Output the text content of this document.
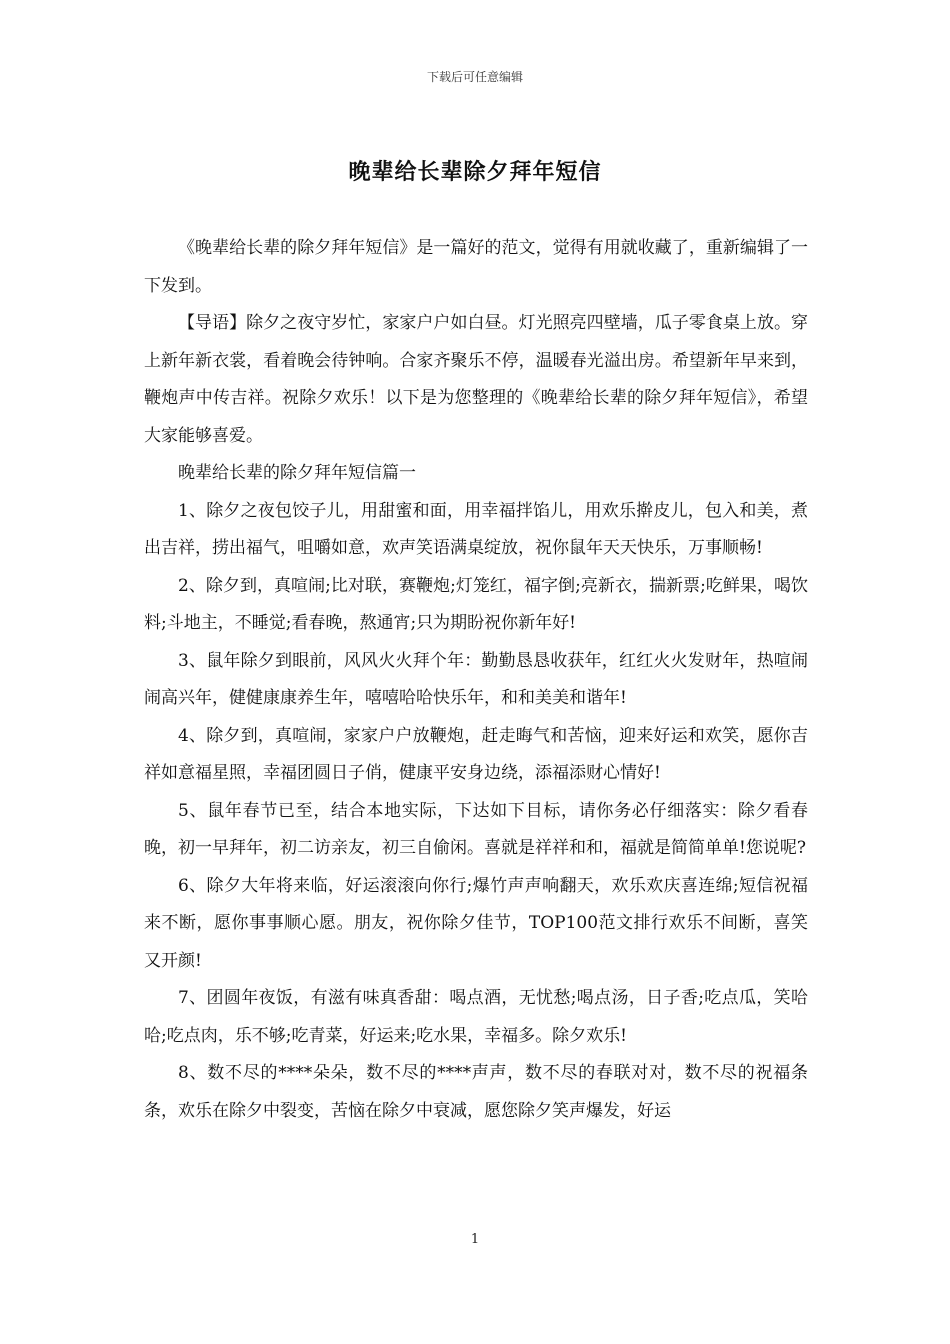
下载后可任意编辑
晚辈给长辈除夕拜年短信

《晚辈给长辈的除夕拜年短信》是一篇好的范文，觉得有用就收藏了，重新编辑了一下发到。

【导语】除夕之夜守岁忙，家家户户如白昼。灯光照亮四壁墙，瓜子零食桌上放。穿上新年新衣裳，看着晚会待钟响。合家齐聚乐不停，温暖春光溢出房。希望新年早来到，鞭炮声中传吉祥。祝除夕欢乐！以下是为您整理的《晚辈给长辈的除夕拜年短信》，希望大家能够喜爱。

晚辈给长辈的除夕拜年短信篇一

1、除夕之夜包饺子儿，用甜蜜和面，用幸福拌馅儿，用欢乐擀皮儿，包入和美，煮出吉祥，捞出福气，咀嚼如意，欢声笑语满桌绽放，祝你鼠年天天快乐，万事顺畅!

2、除夕到，真喧闹;比对联，赛鞭炮;灯笼红，福字倒;亮新衣，揣新票;吃鲜果，喝饮料;斗地主，不睡觉;看春晚，熬通宵;只为期盼祝你新年好!

3、鼠年除夕到眼前，风风火火拜个年：勤勤恳恳收获年，红红火火发财年，热喧闹闹高兴年，健健康康养生年，嘻嘻哈哈快乐年，和和美美和谐年!

4、除夕到，真喧闹，家家户户放鞭炮，赶走晦气和苦恼，迎来好运和欢笑，愿你吉祥如意福星照，幸福团圆日子俏，健康平安身边绕，添福添财心情好!

5、鼠年春节已至，结合本地实际，下达如下目标，请你务必仔细落实：除夕看春晚，初一早拜年，初二访亲友，初三自偷闲。喜就是祥祥和和，福就是简简单单!您说呢?

6、除夕大年将来临，好运滚滚向你行;爆竹声声响翻天，欢乐欢庆喜连绵;短信祝福来不断，愿你事事顺心愿。朋友，祝你除夕佳节，TOP100范文排行欢乐不间断，喜笑又开颜!

7、团圆年夜饭，有滋有味真香甜：喝点酒，无忧愁;喝点汤，日子香;吃点瓜，笑哈哈;吃点肉，乐不够;吃青菜，好运来;吃水果，幸福多。除夕欢乐!

8、数不尽的****朵朵，数不尽的****声声，数不尽的春联对对，数不尽的祝福条条，欢乐在除夕中裂变，苦恼在除夕中衰减，愿您除夕笑声爆发，好运

1
